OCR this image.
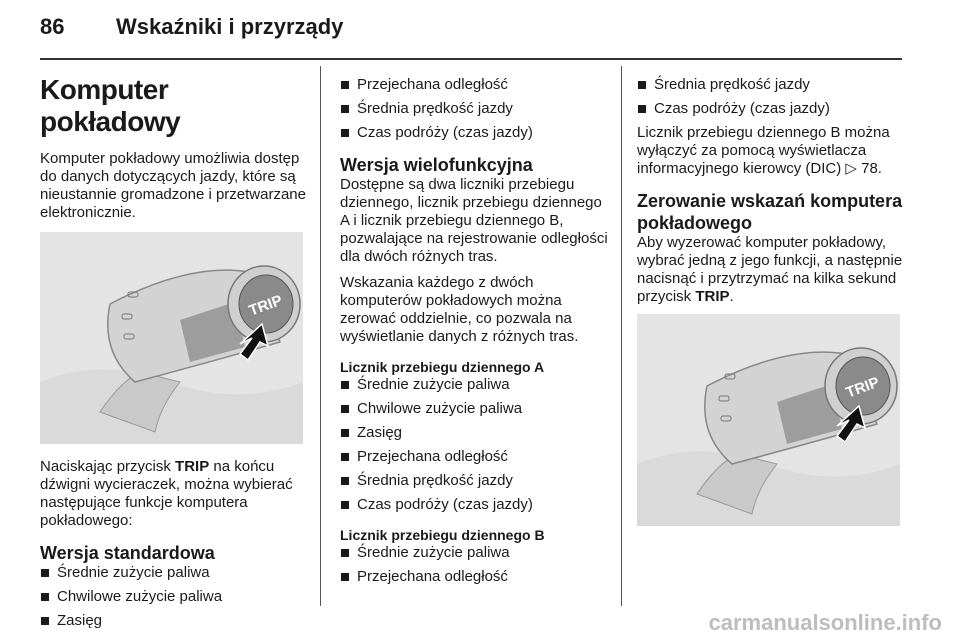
86 Wskaźniki i przyrządy
Komputer pokładowy

Komputer pokładowy umożliwia dostęp do danych dotyczących jazdy, które są nieustannie gromadzone i przetwarzane elektronicznie.

TRIP

Naciskając przycisk TRIP na końcu dźwigni wycieraczek, można wybierać następujące funkcje komputera pokładowego:

Wersja standardowa
Średnie zużycie paliwa
Chwilowe zużycie paliwa
Zasięg
Przejechana odległość
Średnia prędkość jazdy
Czas podróży (czas jazdy)
Wersja wielofunkcyjna

Dostępne są dwa liczniki przebiegu dziennego, licznik przebiegu dziennego A i licznik przebiegu dziennego B, pozwalające na rejestrowanie odległości dla dwóch różnych tras.

Wskazania każdego z dwóch komputerów pokładowych można zerować oddzielnie, co pozwala na wyświetlanie danych z różnych tras.

Licznik przebiegu dziennego A
Średnie zużycie paliwa
Chwilowe zużycie paliwa
Zasięg
Przejechana odległość
Średnia prędkość jazdy
Czas podróży (czas jazdy)
Licznik przebiegu dziennego B
Średnie zużycie paliwa
Przejechana odległość
Średnia prędkość jazdy
Czas podróży (czas jazdy)

Licznik przebiegu dziennego B można wyłączyć za pomocą wyświetlacza informacyjnego kierowcy (DIC) ▷ 78.

Zerowanie wskazań komputera pokładowego

Aby wyzerować komputer pokładowy, wybrać jedną z jego funkcji, a następnie nacisnąć i przytrzymać na kilka sekund przycisk TRIP.

TRIP
carmanualsonline.info
